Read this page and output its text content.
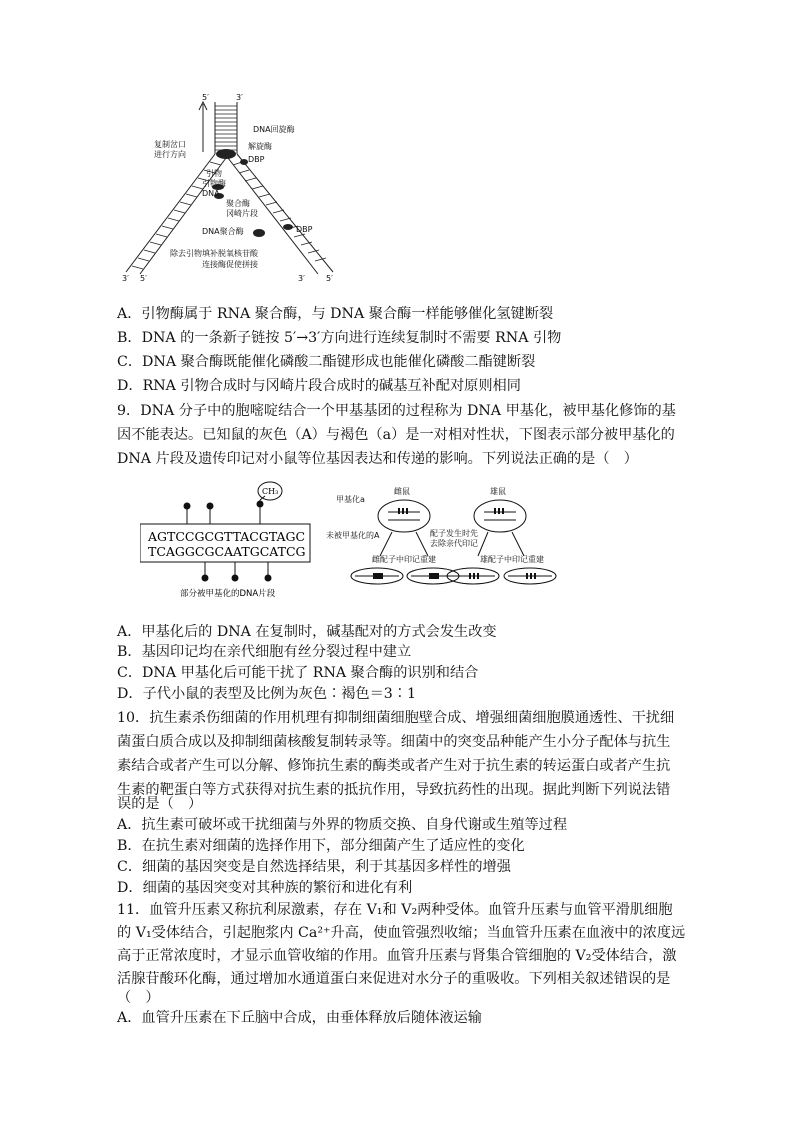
5′	3′
DNA回旋酶
解旋酶
DBP
复制岔口
进行方向
引物
引物酶
DNA
聚合酶
冈崎片段
DNA聚合酶	DBP
除去引物填补脱氧核苷酸
连接酶促使拼接
3′ 5′	3′	5′
A．引物酶属于 RNA 聚合酶，与 DNA 聚合酶一样能够催化氢键断裂
B．DNA 的一条新子链按 5′→3′方向进行连续复制时不需要 RNA 引物
C．DNA 聚合酶既能催化磷酸二酯键形成也能催化磷酸二酯键断裂
D．RNA 引物合成时与冈崎片段合成时的碱基互补配对原则相同
9．DNA 分子中的胞嘧啶结合一个甲基基团的过程称为 DNA 甲基化，被甲基化修饰的基
因不能表达。已知鼠的灰色（A）与褐色（a）是一对相对性状，下图表示部分被甲基化的
DNA 片段及遗传印记对小鼠等位基因表达和传递的影响。下列说法正确的是（　）
CH₃
AGTCCGCGTTACGTAGC
TCAGGCGCAATGCATCG
部分被甲基化的DNA片段
雌鼠	雄鼠
甲基化a
未被甲基化的A	配子发生时先
去除亲代印记
雌配子中印记重建	雄配子中印记重建
A．甲基化后的 DNA 在复制时，碱基配对的方式会发生改变
B．基因印记均在亲代细胞有丝分裂过程中建立
C．DNA 甲基化后可能干扰了 RNA 聚合酶的识别和结合
D．子代小鼠的表型及比例为灰色∶褐色＝3∶1
10．抗生素杀伤细菌的作用机理有抑制细菌细胞壁合成、增强细菌细胞膜通透性、干扰细
菌蛋白质合成以及抑制细菌核酸复制转录等。细菌中的突变品种能产生小分子配体与抗生
素结合或者产生可以分解、修饰抗生素的酶类或者产生对于抗生素的转运蛋白或者产生抗
生素的靶蛋白等方式获得对抗生素的抵抗作用，导致抗药性的出现。据此判断下列说法错
误的是（　）
A．抗生素可破坏或干扰细菌与外界的物质交换、自身代谢或生殖等过程
B．在抗生素对细菌的选择作用下，部分细菌产生了适应性的变化
C．细菌的基因突变是自然选择结果，利于其基因多样性的增强
D．细菌的基因突变对其种族的繁衍和进化有利
11．血管升压素又称抗利尿激素，存在 V₁和 V₂两种受体。血管升压素与血管平滑肌细胞
的 V₁受体结合，引起胞浆内 Ca²⁺升高，使血管强烈收缩；当血管升压素在血液中的浓度远
高于正常浓度时，才显示血管收缩的作用。血管升压素与肾集合管细胞的 V₂受体结合，激
活腺苷酸环化酶，通过增加水通道蛋白来促进对水分子的重吸收。下列相关叙述错误的是
（　）
A．血管升压素在下丘脑中合成，由垂体释放后随体液运输
